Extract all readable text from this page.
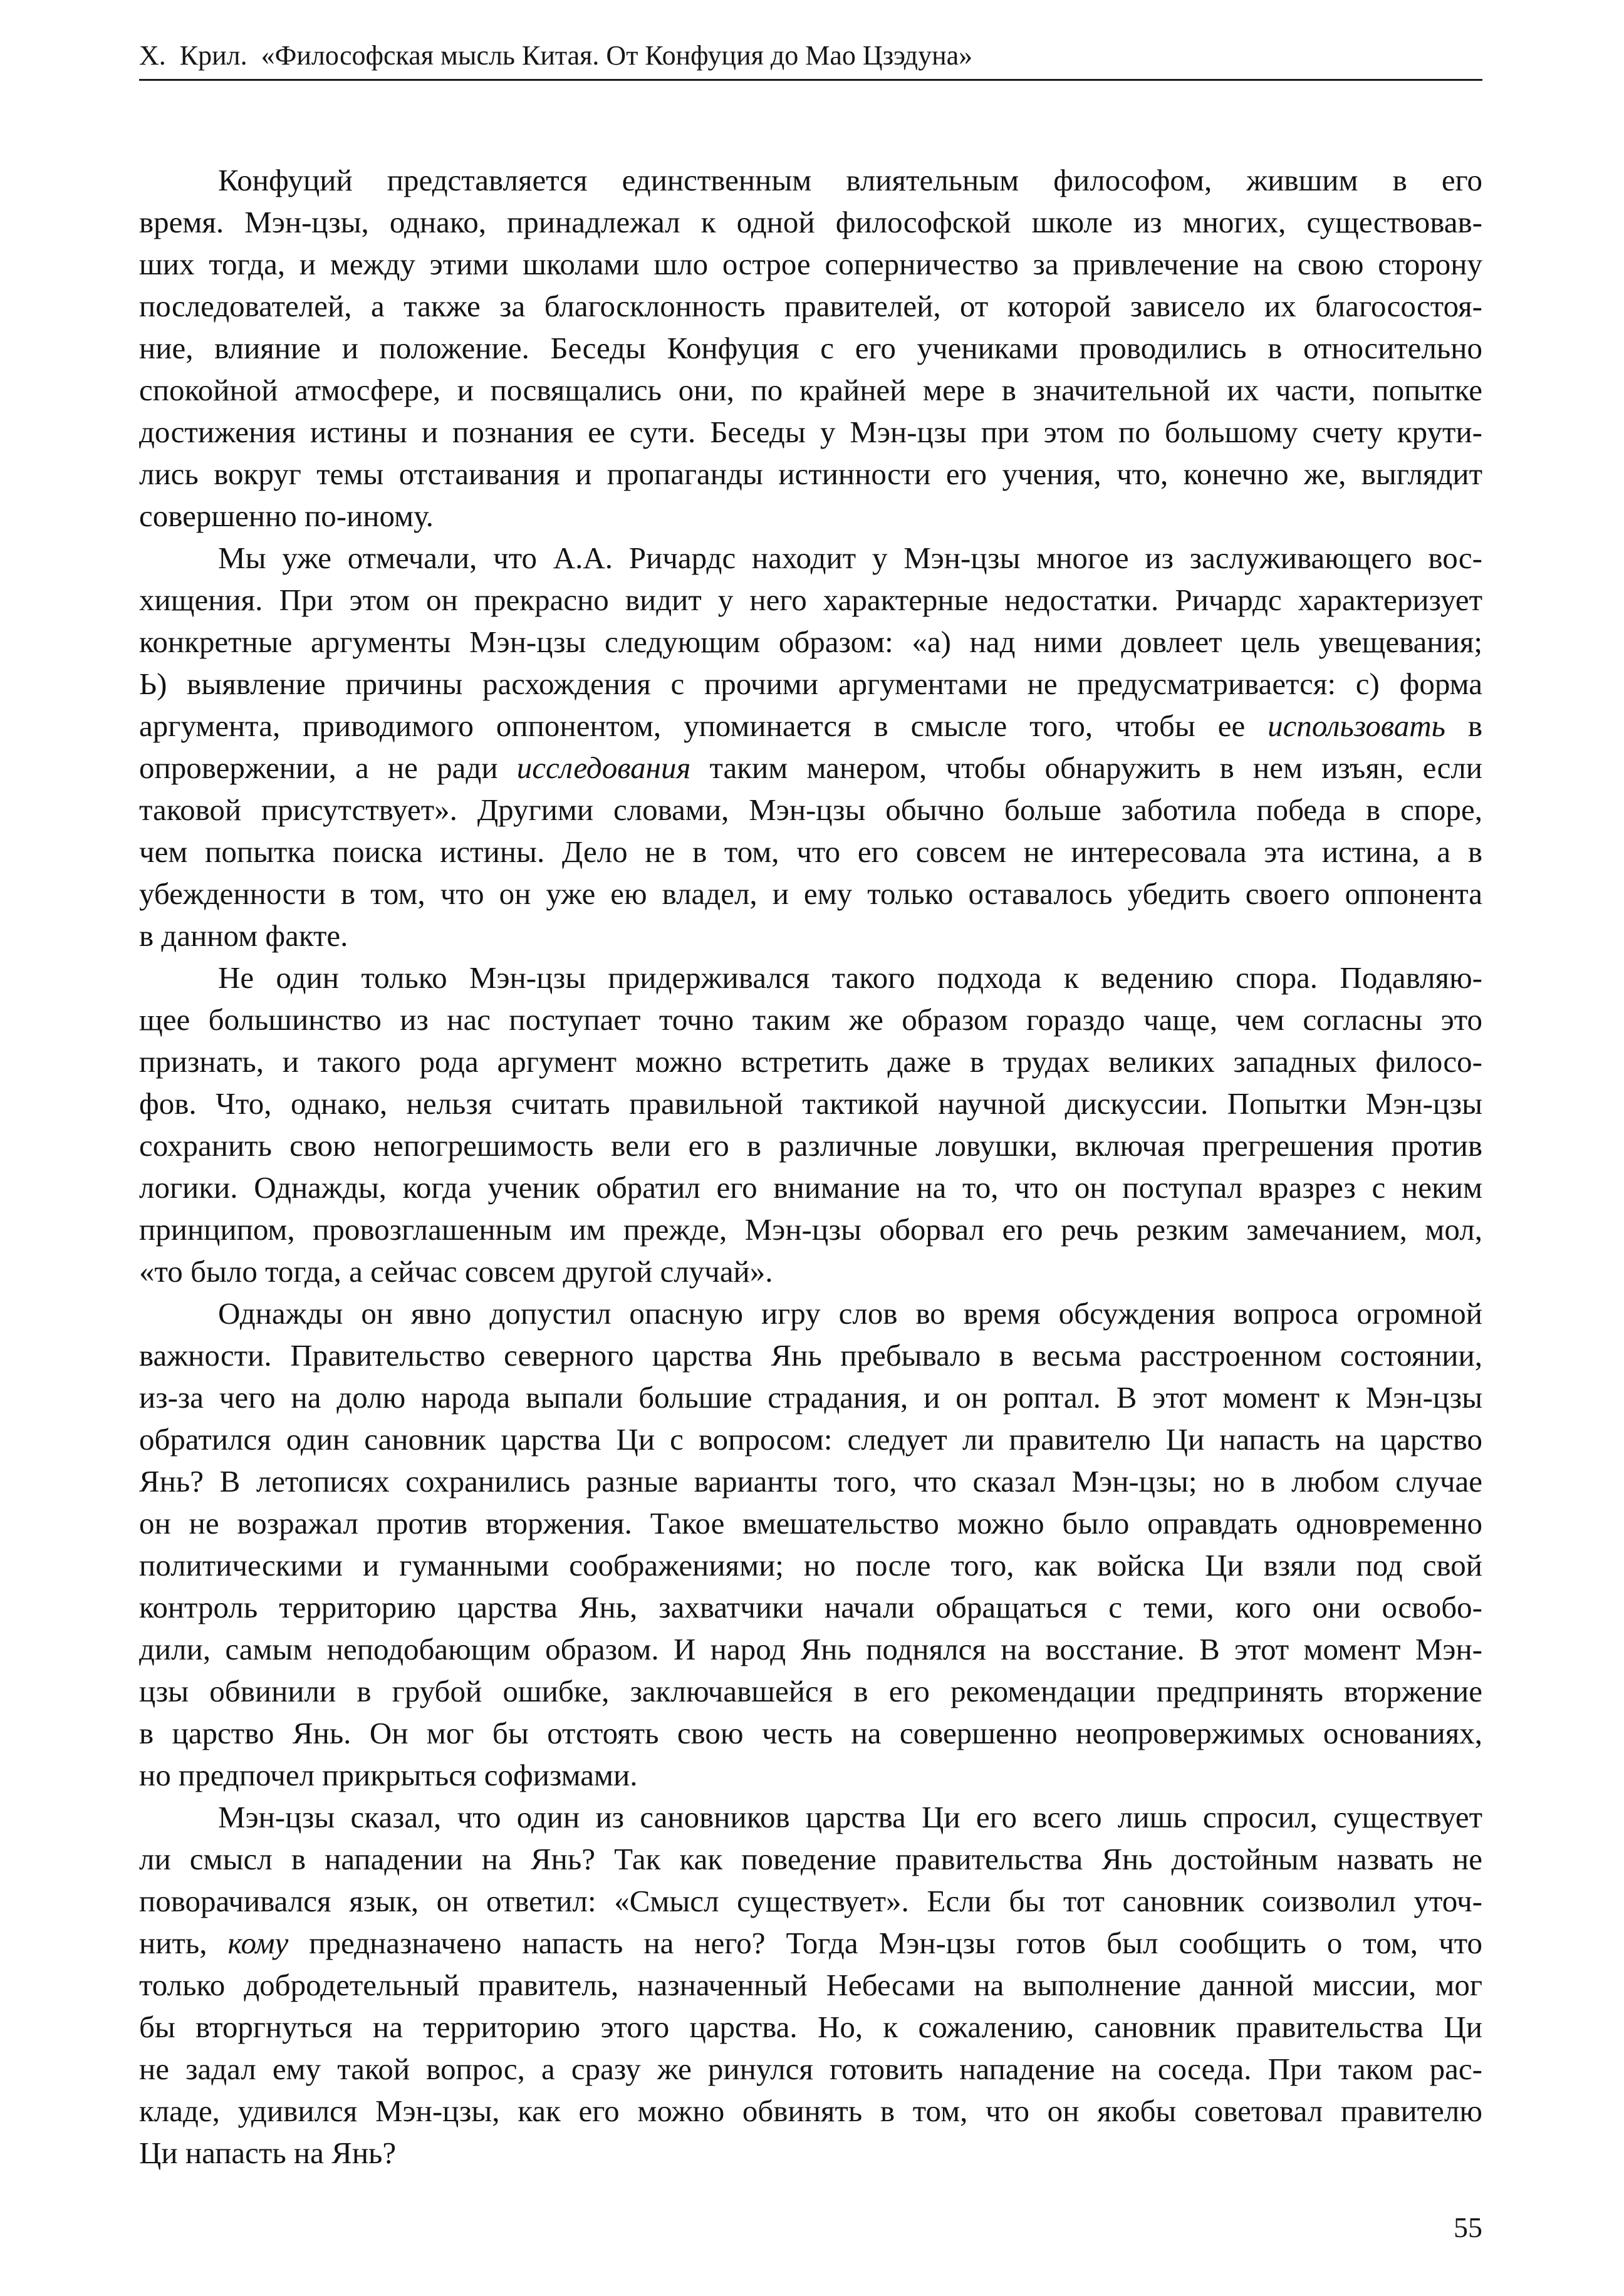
Х.  Крил.  «Философская мысль Китая. От Конфуция до Мао Цзэдуна»
Конфуций представляется единственным влиятельным философом, жившим в его
время. Мэн-цзы, однако, принадлежал к одной философской школе из многих, существовав-
ших тогда, и между этими школами шло острое соперничество за привлечение на свою сторону
последователей, а также за благосклонность правителей, от которой зависело их благосостоя-
ние, влияние и положение. Беседы Конфуция с его учениками проводились в относительно
спокойной атмосфере, и посвящались они, по крайней мере в значительной их части, попытке
достижения истины и познания ее сути. Беседы у Мэн-цзы при этом по большому счету крути-
лись вокруг темы отстаивания и пропаганды истинности его учения, что, конечно же, выглядит
совершенно по-иному.
Мы уже отмечали, что А.А. Ричардс находит у Мэн-цзы многое из заслуживающего вос-
хищения. При этом он прекрасно видит у него характерные недостатки. Ричардс характеризует
конкретные аргументы Мэн-цзы следующим образом: «а) над ними довлеет цель увещевания;
Ь) выявление причины расхождения с прочими аргументами не предусматривается: с) форма
аргумента, приводимого оппонентом, упоминается в смысле того, чтобы ее использовать в
опровержении, а не ради исследования таким манером, чтобы обнаружить в нем изъян, если
таковой присутствует». Другими словами, Мэн-цзы обычно больше заботила победа в споре,
чем попытка поиска истины. Дело не в том, что его совсем не интересовала эта истина, а в
убежденности в том, что он уже ею владел, и ему только оставалось убедить своего оппонента
в данном факте.
Не один только Мэн-цзы придерживался такого подхода к ведению спора. Подавляю-
щее большинство из нас поступает точно таким же образом гораздо чаще, чем согласны это
признать, и такого рода аргумент можно встретить даже в трудах великих западных филосо-
фов. Что, однако, нельзя считать правильной тактикой научной дискуссии. Попытки Мэн-цзы
сохранить свою непогрешимость вели его в различные ловушки, включая прегрешения против
логики. Однажды, когда ученик обратил его внимание на то, что он поступал вразрез с неким
принципом, провозглашенным им прежде, Мэн-цзы оборвал его речь резким замечанием, мол,
«то было тогда, а сейчас совсем другой случай».
Однажды он явно допустил опасную игру слов во время обсуждения вопроса огромной
важности. Правительство северного царства Янь пребывало в весьма расстроенном состоянии,
из-за чего на долю народа выпали большие страдания, и он роптал. В этот момент к Мэн-цзы
обратился один сановник царства Ци с вопросом: следует ли правителю Ци напасть на царство
Янь? В летописях сохранились разные варианты того, что сказал Мэн-цзы; но в любом случае
он не возражал против вторжения. Такое вмешательство можно было оправдать одновременно
политическими и гуманными соображениями; но после того, как войска Ци взяли под свой
контроль территорию царства Янь, захватчики начали обращаться с теми, кого они освобо-
дили, самым неподобающим образом. И народ Янь поднялся на восстание. В этот момент Мэн-
цзы обвинили в грубой ошибке, заключавшейся в его рекомендации предпринять вторжение
в царство Янь. Он мог бы отстоять свою честь на совершенно неопровержимых основаниях,
но предпочел прикрыться софизмами.
Мэн-цзы сказал, что один из сановников царства Ци его всего лишь спросил, существует
ли смысл в нападении на Янь? Так как поведение правительства Янь достойным назвать не
поворачивался язык, он ответил: «Смысл существует». Если бы тот сановник соизволил уточ-
нить, кому предназначено напасть на него? Тогда Мэн-цзы готов был сообщить о том, что
только добродетельный правитель, назначенный Небесами на выполнение данной миссии, мог
бы вторгнуться на территорию этого царства. Но, к сожалению, сановник правительства Ци
не задал ему такой вопрос, а сразу же ринулся готовить нападение на соседа. При таком рас-
кладе, удивился Мэн-цзы, как его можно обвинять в том, что он якобы советовал правителю
Ци напасть на Янь?
55
